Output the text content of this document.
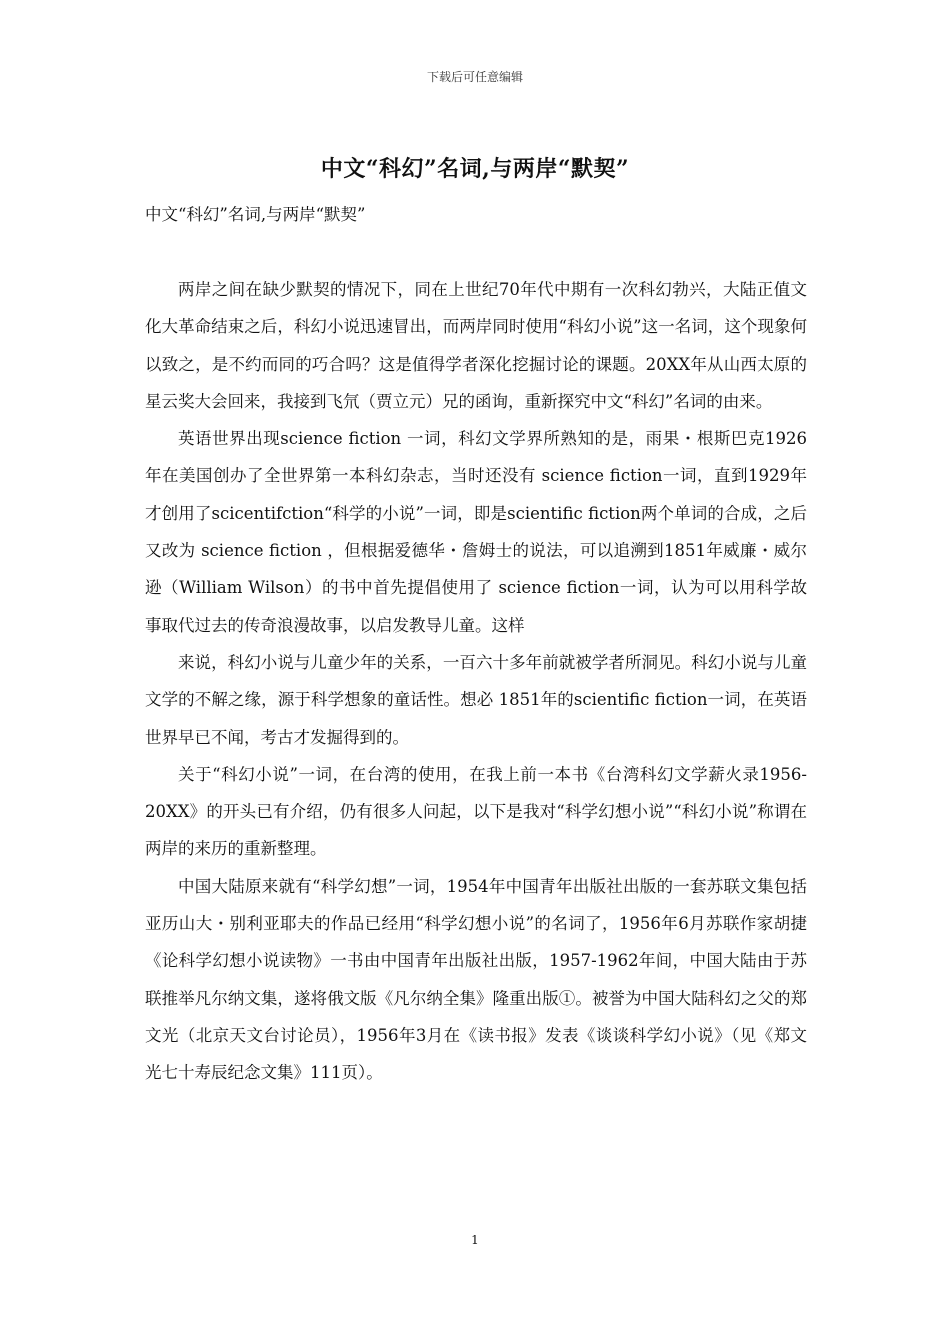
下载后可任意编辑
中文“科幻”名词,与两岸“默契”
中文“科幻”名词,与两岸“默契”

两岸之间在缺少默契的情况下，同在上世纪70年代中期有一次科幻勃兴，大陆正值文化大革命结束之后，科幻小说迅速冒出，而两岸同时使用“科幻小说”这一名词，这个现象何以致之，是不约而同的巧合吗？这是值得学者深化挖掘讨论的课题。20XX年从山西太原的星云奖大会回来，我接到飞氘（贾立元）兄的函询，重新探究中文“科幻”名词的由来。

英语世界出现science fiction 一词，科幻文学界所熟知的是，雨果・根斯巴克1926年在美国创办了全世界第一本科幻杂志，当时还没有 science fiction一词，直到1929年才创用了scicentifction“科学的小说”一词，即是scientific fiction两个单词的合成，之后又改为 science fiction ，但根据爱德华・詹姆士的说法，可以追溯到1851年威廉・威尔逊（William Wilson）的书中首先提倡使用了 science fiction一词，认为可以用科学故事取代过去的传奇浪漫故事，以启发教导儿童。这样

来说，科幻小说与儿童少年的关系，一百六十多年前就被学者所洞见。科幻小说与儿童文学的不解之缘，源于科学想象的童话性。想必 1851年的scientific fiction一词，在英语世界早已不闻，考古才发掘得到的。

关于“科幻小说”一词，在台湾的使用，在我上前一本书《台湾科幻文学薪火录1956-20XX》的开头已有介绍，仍有很多人问起，以下是我对“科学幻想小说”“科幻小说”称谓在两岸的来历的重新整理。

中国大陆原来就有“科学幻想”一词，1954年中国青年出版社出版的一套苏联文集包括亚历山大・别利亚耶夫的作品已经用“科学幻想小说”的名词了，1956年6月苏联作家胡捷《论科学幻想小说读物》一书由中国青年出版社出版，1957-1962年间，中国大陆由于苏联推举凡尔纳文集，遂将俄文版《凡尔纳全集》隆重出版①。被誉为中国大陆科幻之父的郑文光（北京天文台讨论员），1956年3月在《读书报》发表《谈谈科学幻小说》（见《郑文光七十寿辰纪念文集》111页）。

1
